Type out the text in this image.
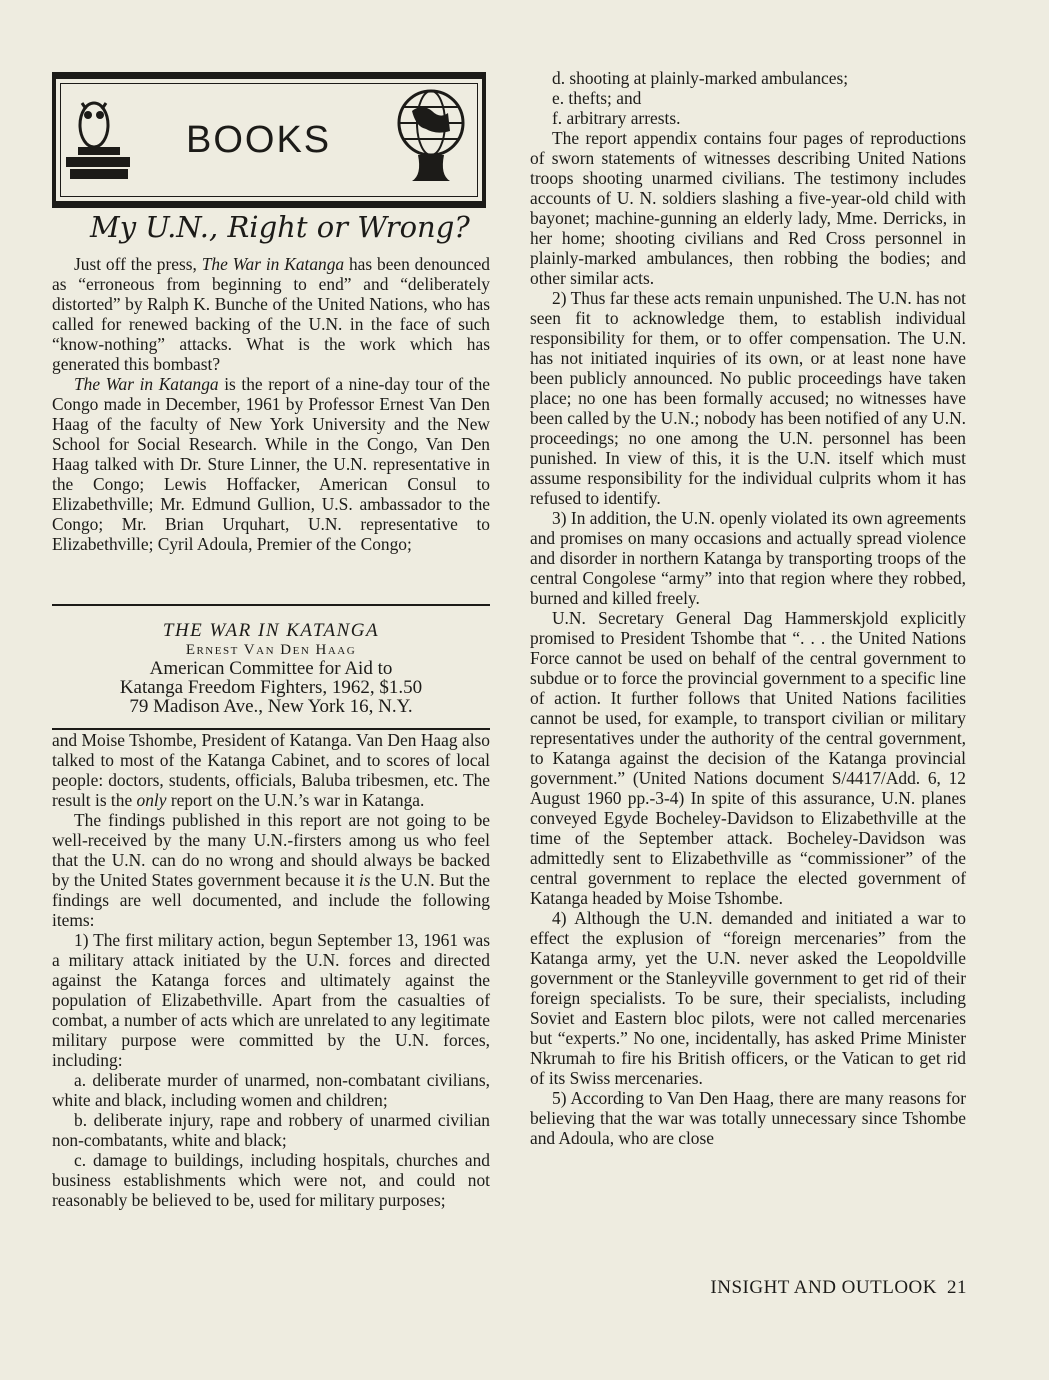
BOOKS
My U.N., Right or Wrong?

Just off the press, The War in Katanga has been denounced as “erroneous from beginning to end” and “deliberately distorted” by Ralph K. Bunche of the United Nations, who has called for renewed backing of the U.N. in the face of such “know-nothing” attacks. What is the work which has generated this bombast?

The War in Katanga is the report of a nine-day tour of the Congo made in December, 1961 by Professor Ernest Van Den Haag of the faculty of New York University and the New School for Social Research. While in the Congo, Van Den Haag talked with Dr. Sture Linner, the U.N. representative in the Congo; Lewis Hoffacker, American Consul to Elizabethville; Mr. Edmund Gullion, U.S. ambassador to the Congo; Mr. Brian Urquhart, U.N. representative to Elizabethville; Cyril Adoula, Premier of the Congo;

THE WAR IN KATANGA
Ernest Van Den Haag
American Committee for Aid to
Katanga Freedom Fighters, 1962, $1.50
79 Madison Ave., New York 16, N.Y.

and Moise Tshombe, President of Katanga. Van Den Haag also talked to most of the Katanga Cabinet, and to scores of local people: doctors, students, officials, Baluba tribesmen, etc. The result is the only report on the U.N.’s war in Katanga.

The findings published in this report are not going to be well-received by the many U.N.-firsters among us who feel that the U.N. can do no wrong and should always be backed by the United States government because it is the U.N. But the findings are well documented, and include the following items:

1) The first military action, begun September 13, 1961 was a military attack initiated by the U.N. forces and directed against the Katanga forces and ultimately against the population of Elizabethville. Apart from the casualties of combat, a number of acts which are unrelated to any legitimate military purpose were committed by the U.N. forces, including:

a. deliberate murder of unarmed, non-combatant civilians, white and black, including women and children;

b. deliberate injury, rape and robbery of unarmed civilian non-combatants, white and black;

c. damage to buildings, including hospitals, churches and business establishments which were not, and could not reasonably be believed to be, used for military purposes;

d. shooting at plainly-marked ambulances;

e. thefts; and

f. arbitrary arrests.

The report appendix contains four pages of reproductions of sworn statements of witnesses describing United Nations troops shooting unarmed civilians. The testimony includes accounts of U. N. soldiers slashing a five-year-old child with bayonet; machine-gunning an elderly lady, Mme. Derricks, in her home; shooting civilians and Red Cross personnel in plainly-marked ambulances, then robbing the bodies; and other similar acts.

2) Thus far these acts remain unpunished. The U.N. has not seen fit to acknowledge them, to establish individual responsibility for them, or to offer compensation. The U.N. has not initiated inquiries of its own, or at least none have been publicly announced. No public proceedings have taken place; no one has been formally accused; no witnesses have been called by the U.N.; nobody has been notified of any U.N. proceedings; no one among the U.N. personnel has been punished. In view of this, it is the U.N. itself which must assume responsibility for the individual culprits whom it has refused to identify.

3) In addition, the U.N. openly violated its own agreements and promises on many occasions and actually spread violence and disorder in northern Katanga by transporting troops of the central Congolese “army” into that region where they robbed, burned and killed freely.

U.N. Secretary General Dag Hammerskjold explicitly promised to President Tshombe that “. . . the United Nations Force cannot be used on behalf of the central government to subdue or to force the provincial government to a specific line of action. It further follows that United Nations facilities cannot be used, for example, to transport civilian or military representatives under the authority of the central government, to Katanga against the decision of the Katanga provincial government.” (United Nations document S/4417/Add. 6, 12 August 1960 pp.-3-4) In spite of this assurance, U.N. planes conveyed Egyde Bocheley-Davidson to Elizabethville at the time of the September attack. Bocheley-Davidson was admittedly sent to Elizabethville as “commissioner” of the central government to replace the elected government of Katanga headed by Moise Tshombe.

4) Although the U.N. demanded and initiated a war to effect the explusion of “foreign mercenaries” from the Katanga army, yet the U.N. never asked the Leopoldville government or the Stanleyville government to get rid of their foreign specialists. To be sure, their specialists, including Soviet and Eastern bloc pilots, were not called mercenaries but “experts.” No one, incidentally, has asked Prime Minister Nkrumah to fire his British officers, or the Vatican to get rid of its Swiss mercenaries.

5) According to Van Den Haag, there are many reasons for believing that the war was totally unnecessary since Tshombe and Adoula, who are close

INSIGHT AND OUTLOOK 21
